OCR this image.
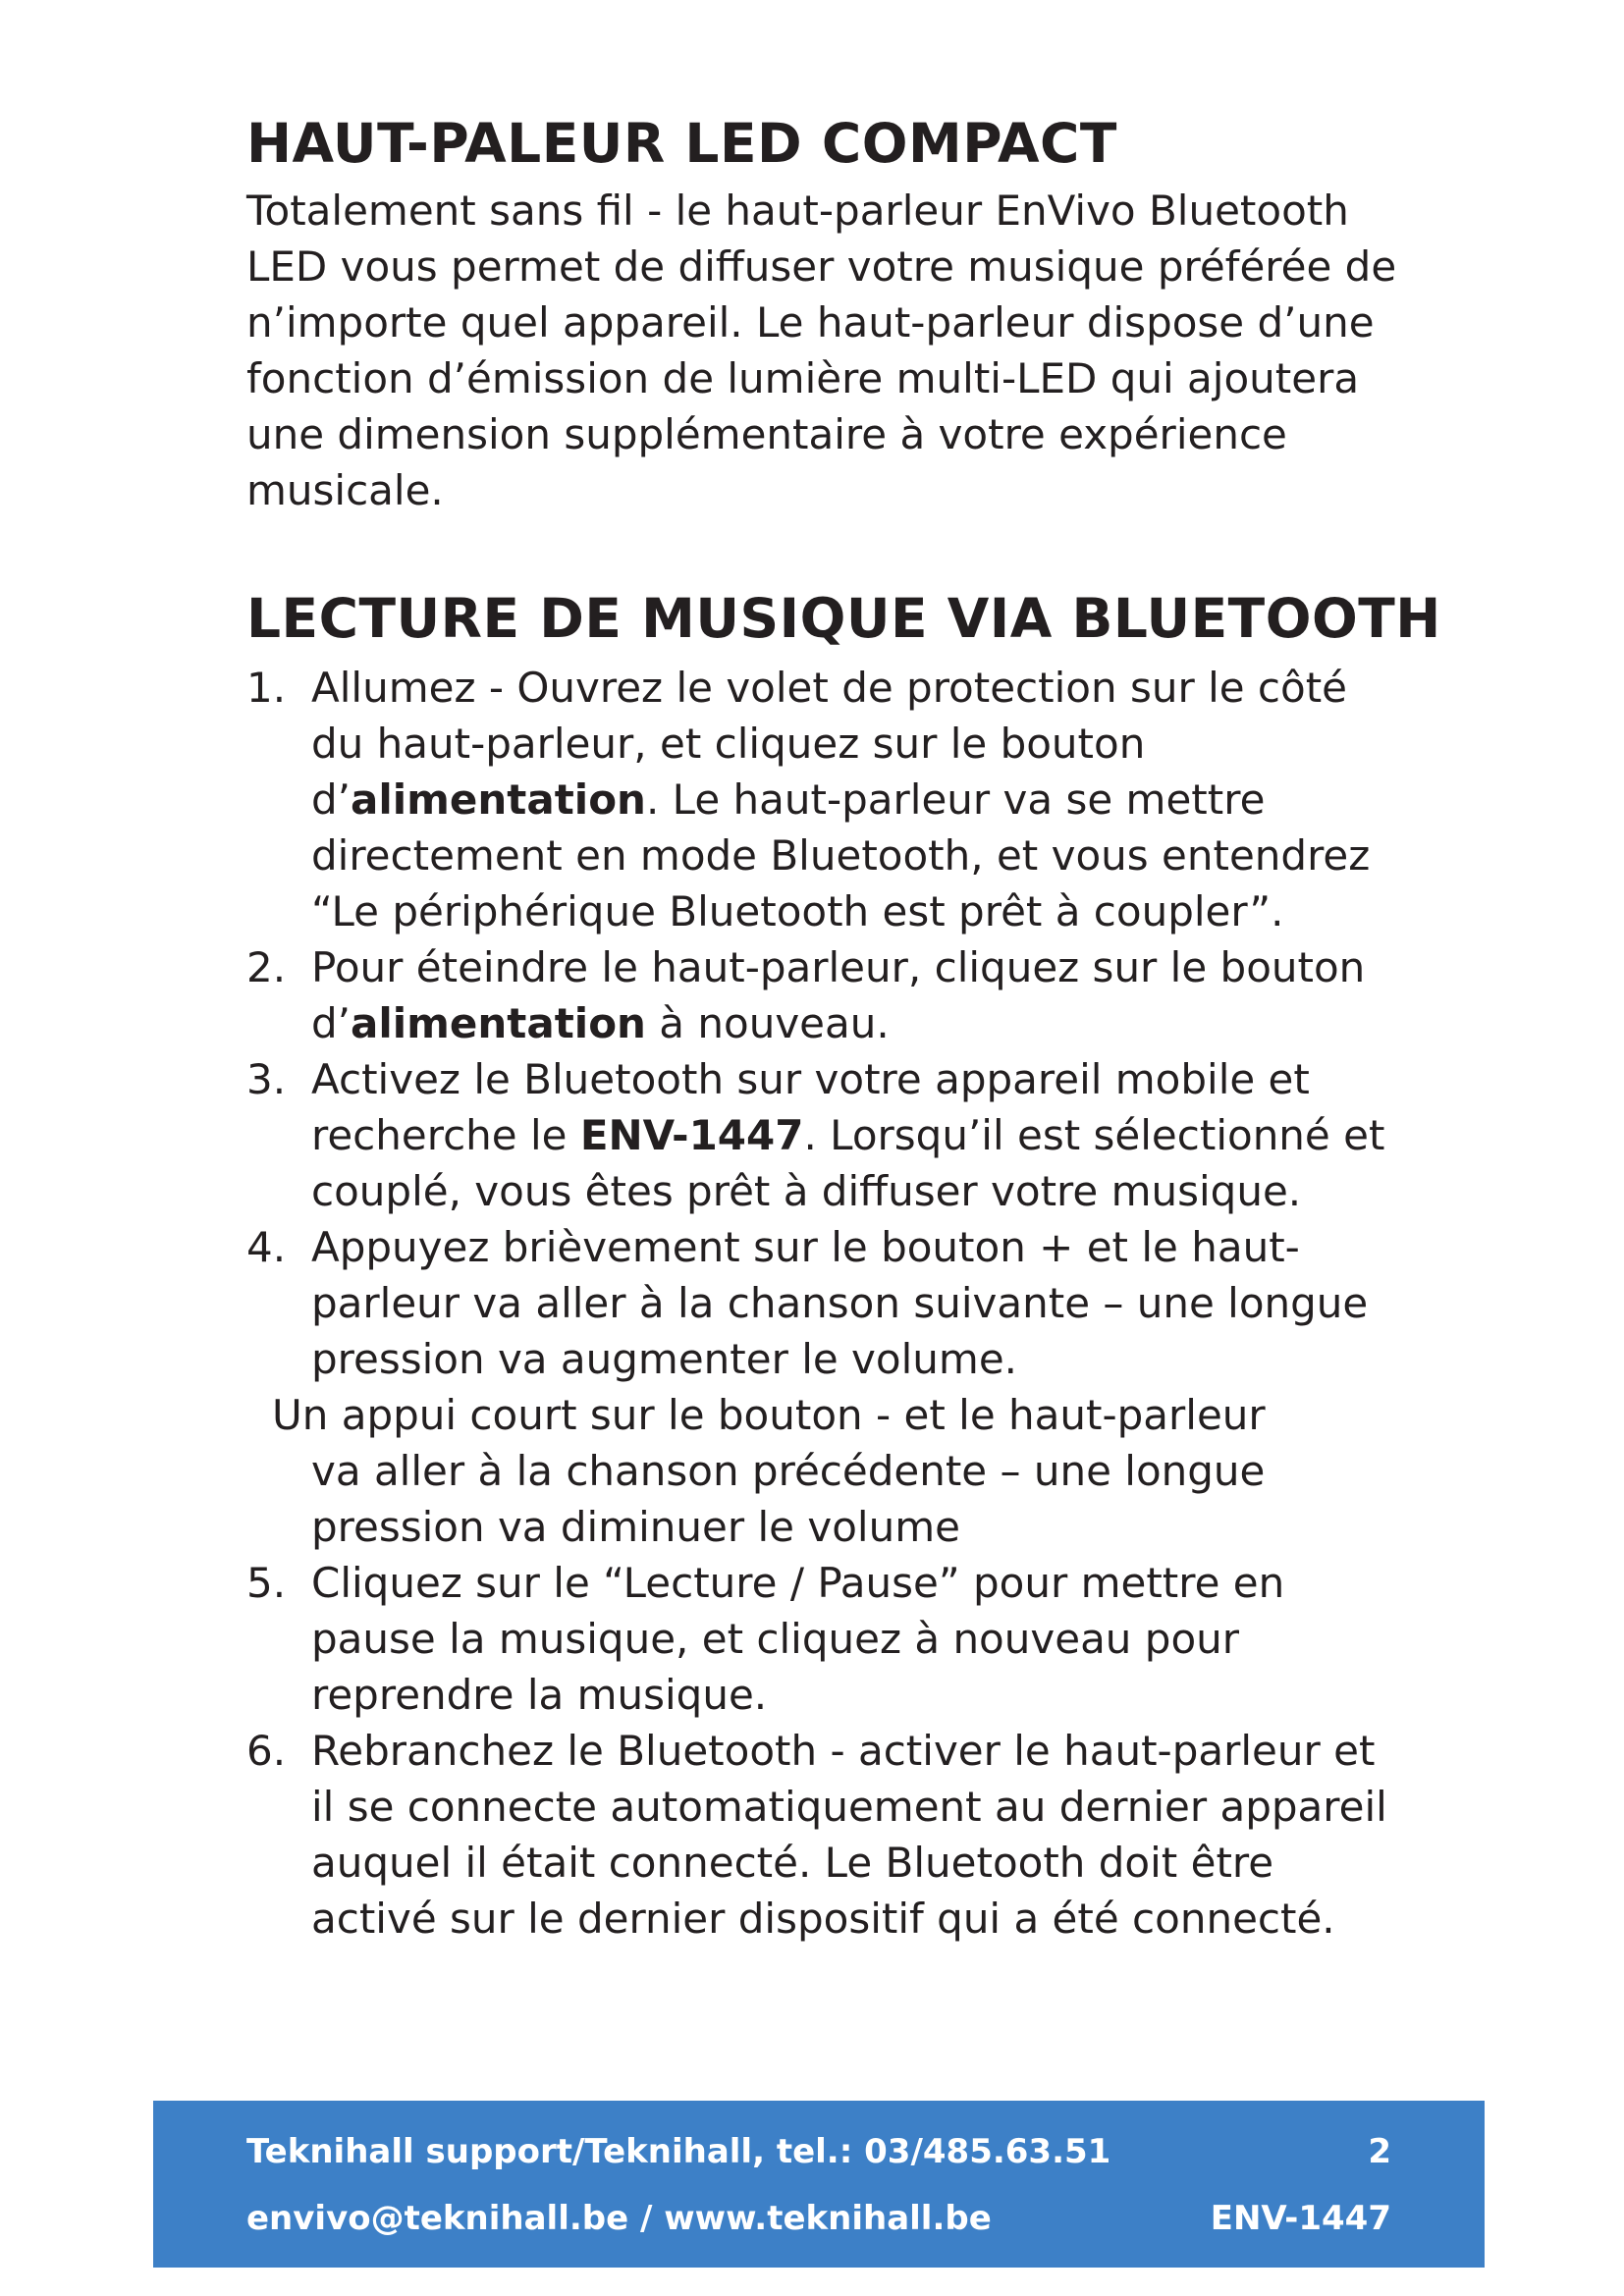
HAUT-PALEUR LED COMPACT

Totalement sans fil - le haut-parleur EnVivo Bluetooth LED vous permet de diffuser votre musique préférée de n’importe quel appareil. Le haut-parleur dispose d’une fonction d’émission de lumière multi-LED qui ajoutera une dimension supplémentaire à votre expérience musicale.

LECTURE DE MUSIQUE VIA BLUETOOTH
1. Allumez - Ouvrez le volet de protection sur le côté du haut-parleur, et cliquez sur le bouton d’alimentation. Le haut-parleur va se mettre directement en mode Bluetooth, et vous entendrez “Le périphérique Bluetooth est prêt à coupler”.
2. Pour éteindre le haut-parleur, cliquez sur le bouton d’alimentation à nouveau.
3. Activez le Bluetooth sur votre appareil mobile et recherche le ENV-1447. Lorsqu’il est sélectionné et couplé, vous êtes prêt à diffuser votre musique.
4. Appuyez brièvement sur le bouton + et le haut-parleur va aller à la chanson suivante – une longue pression va augmenter le volume.
Un appui court sur le bouton - et le haut-parleur
va aller à la chanson précédente – une longue pression va diminuer le volume
5. Cliquez sur le “Lecture / Pause” pour mettre en pause la musique, et cliquez à nouveau pour reprendre la musique.
6. Rebranchez le Bluetooth - activer le haut-parleur et il se connecte automatiquement au dernier appareil auquel il était connecté. Le Bluetooth doit être activé sur le dernier dispositif qui a été connecté.
Teknihall support/Teknihall, tel.: 03/485.63.51	2
envivo@teknihall.be / www.teknihall.be	ENV-1447
